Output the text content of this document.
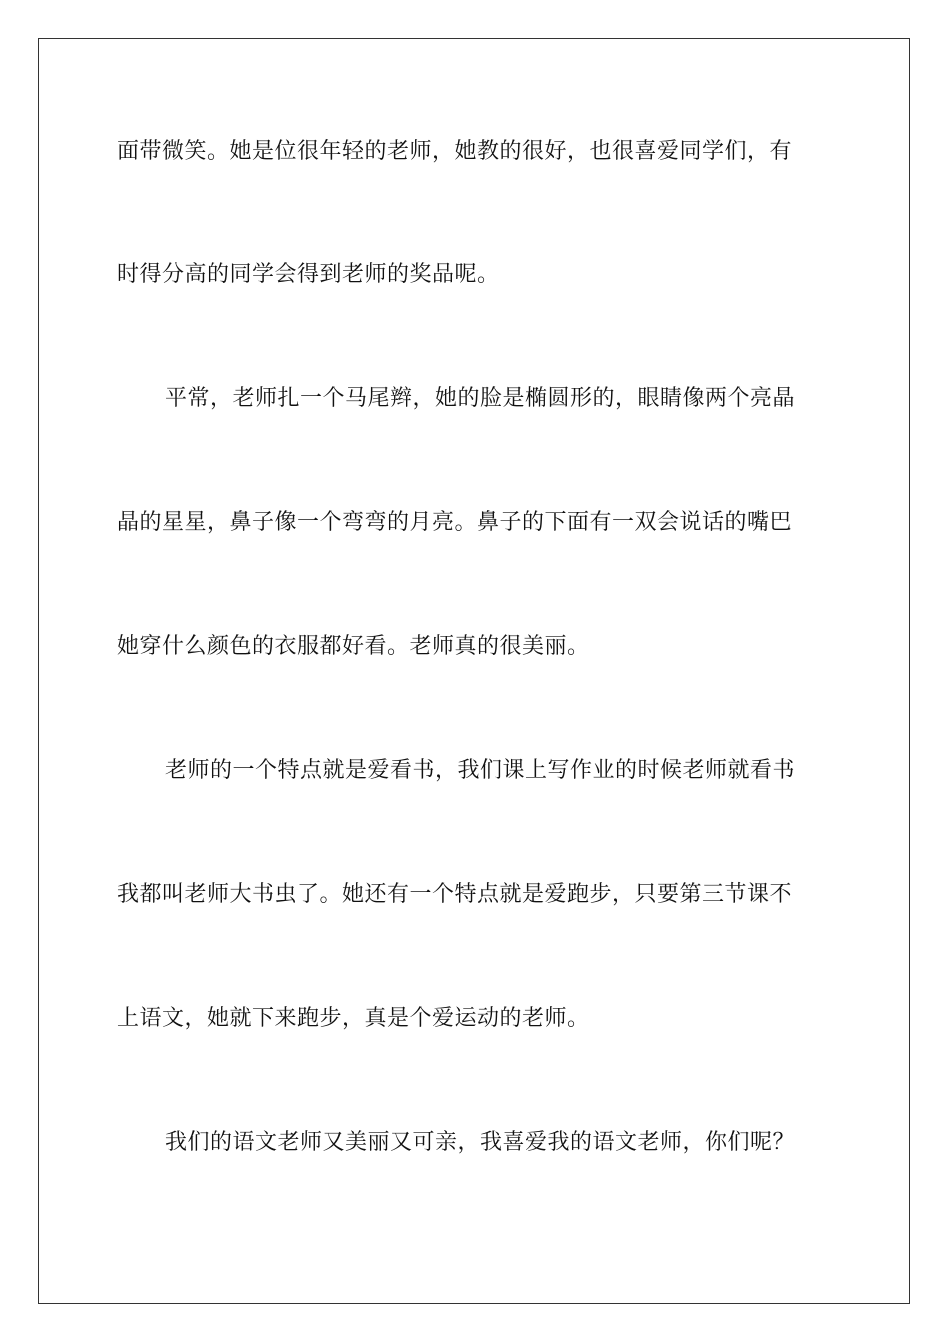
面带微笑。她是位很年轻的老师，她教的很好，也很喜爱同学们，有
时得分高的同学会得到老师的奖品呢。
平常，老师扎一个马尾辫，她的脸是椭圆形的，眼睛像两个亮晶
晶的星星，鼻子像一个弯弯的月亮。鼻子的下面有一双会说话的嘴巴
她穿什么颜色的衣服都好看。老师真的很美丽。
老师的一个特点就是爱看书，我们课上写作业的时候老师就看书
我都叫老师大书虫了。她还有一个特点就是爱跑步，只要第三节课不
上语文，她就下来跑步，真是个爱运动的老师。
我们的语文老师又美丽又可亲，我喜爱我的语文老师，你们呢？
